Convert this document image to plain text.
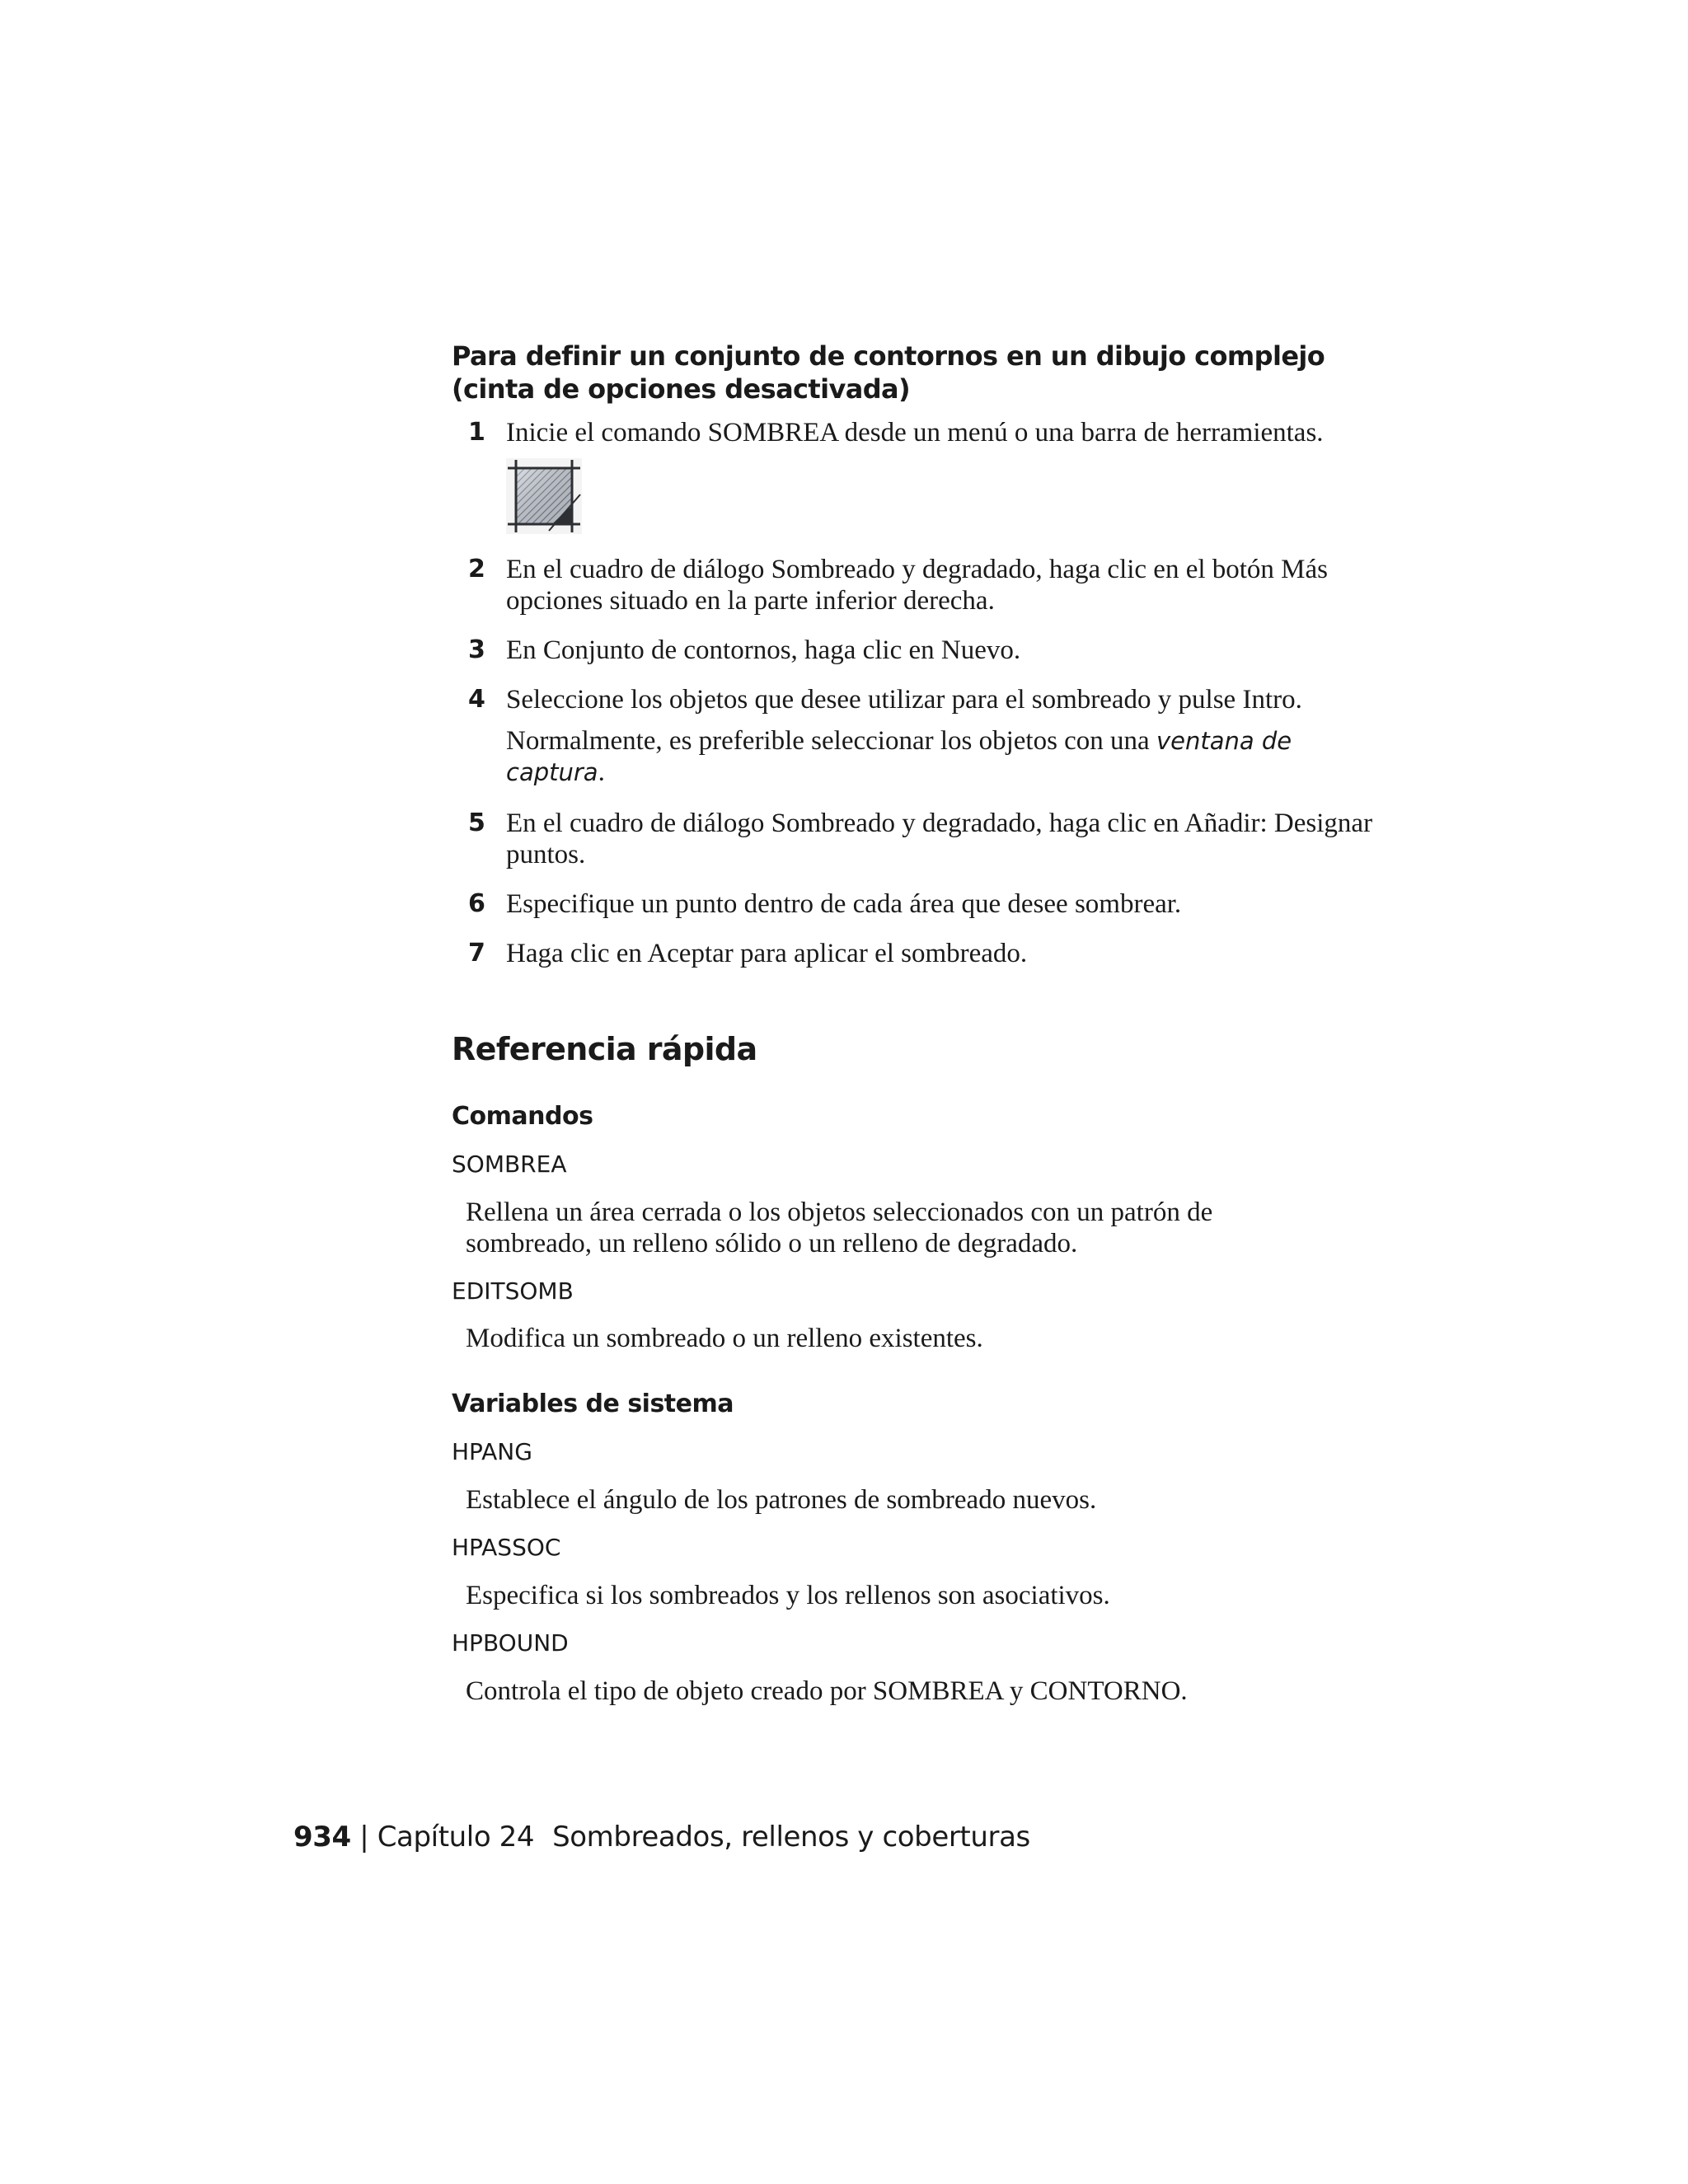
Para definir un conjunto de contornos en un dibujo complejo (cinta de opciones desactivada)
1 Inicie el comando SOMBREA desde un menú o una barra de herramientas.
2 En el cuadro de diálogo Sombreado y degradado, haga clic en el botón Más opciones situado en la parte inferior derecha.
3 En Conjunto de contornos, haga clic en Nuevo.
4 Seleccione los objetos que desee utilizar para el sombreado y pulse Intro.
Normalmente, es preferible seleccionar los objetos con una ventana de captura.
5 En el cuadro de diálogo Sombreado y degradado, haga clic en Añadir: Designar puntos.
6 Especifique un punto dentro de cada área que desee sombrear.
7 Haga clic en Aceptar para aplicar el sombreado.
Referencia rápida
Comandos
SOMBREA
Rellena un área cerrada o los objetos seleccionados con un patrón de sombreado, un relleno sólido o un relleno de degradado.
EDITSOMB
Modifica un sombreado o un relleno existentes.
Variables de sistema
HPANG
Establece el ángulo de los patrones de sombreado nuevos.
HPASSOC
Especifica si los sombreados y los rellenos son asociativos.
HPBOUND
Controla el tipo de objeto creado por SOMBREA y CONTORNO.
934 | Capítulo 24 Sombreados, rellenos y coberturas
